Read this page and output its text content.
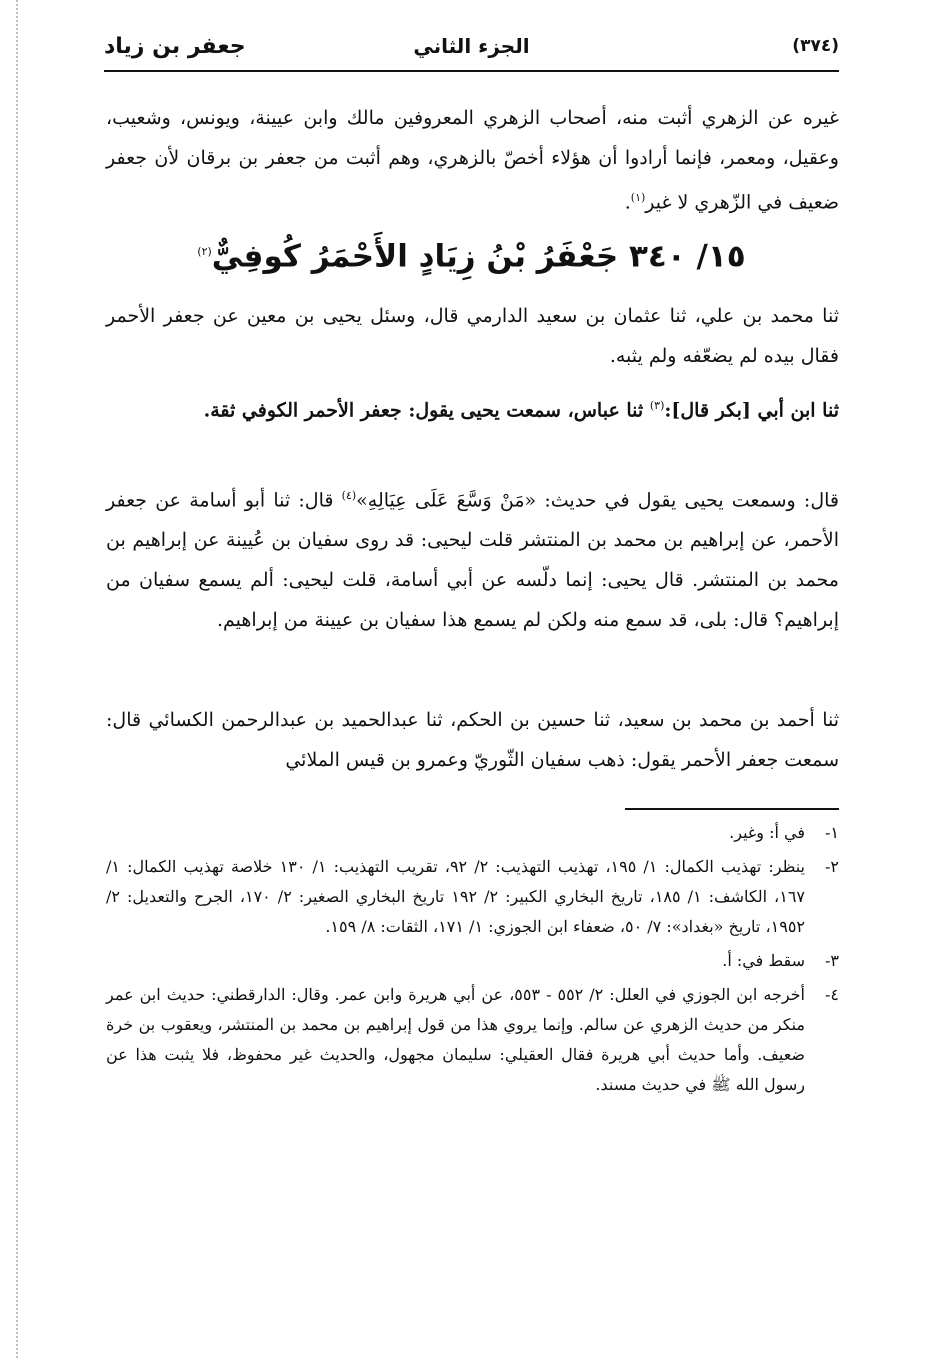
(٣٧٤)
الجزء الثاني
جعفر بن زياد
غيره عن الزهري أثبت منه، أصحاب الزهري المعروفين مالك وابن عيينة، ويونس، وشعيب، وعقيل، ومعمر، فإنما أرادوا أن هؤلاء أخصّ بالزهري، وهم أثبت من جعفر بن برقان لأن جعفر ضعيف في الزّهري لا غير$^{(١)}$.
١٥/ ٣٤٠ جَعْفَرُ بْنُ زِيَادٍ الأَحْمَرُ كُوفِيٌّ$^{(٢)}$
ثنا محمد بن علي، ثنا عثمان بن سعيد الدارمي قال، وسئل يحيى بن معين عن جعفر الأحمر فقال بيده لم يضعّفه ولم يثبه.
ثنا ابن أبي [بكر قال]:$^{(٣)}$ ثنا عباس، سمعت يحيى يقول: جعفر الأحمر الكوفي ثقة.
قال: وسمعت يحيى يقول في حديث: «مَنْ وَسَّعَ عَلَى عِيَالِهِ»$^{(٤)}$ قال: ثنا أبو أسامة عن جعفر الأحمر، عن إبراهيم بن محمد بن المنتشر قلت ليحيى: قد روى سفيان بن عُيينة عن إبراهيم بن محمد بن المنتشر. قال يحيى: إنما دلّسه عن أبي أسامة، قلت ليحيى: ألم يسمع سفيان من إبراهيم؟ قال: بلى، قد سمع منه ولكن لم يسمع هذا سفيان بن عيينة من إبراهيم.
ثنا أحمد بن محمد بن سعيد، ثنا حسين بن الحكم، ثنا عبدالحميد بن عبدالرحمن الكسائي قال: سمعت جعفر الأحمر يقول: ذهب سفيان الثّوريّ وعمرو بن قيس الملائي
١-
في أ: وغير.
٢-
ينظر: تهذيب الكمال: ١/ ١٩٥، تهذيب التهذيب: ٢/ ٩٢، تقريب التهذيب: ١/ ١٣٠ خلاصة تهذيب الكمال: ١/ ١٦٧، الكاشف: ١/ ١٨٥، تاريخ البخاري الكبير: ٢/ ١٩٢ تاريخ البخاري الصغير: ٢/ ١٧٠، الجرح والتعديل: ٢/ ١٩٥٢، تاريخ «بغداد»: ٧/ ٥٠، ضعفاء ابن الجوزي: ١/ ١٧١، الثقات: ٨/ ١٥٩.
٣-
سقط في: أ.
٤-
أخرجه ابن الجوزي في العلل: ٢/ ٥٥٢ - ٥٥٣، عن أبي هريرة وابن عمر. وقال: الدارقطني: حديث ابن عمر منكر من حديث الزهري عن سالم. وإنما يروي هذا من قول إبراهيم بن محمد بن المنتشر، ويعقوب بن خرة ضعيف. وأما حديث أبي هريرة فقال العقيلي: سليمان مجهول، والحديث غير محفوظ، فلا يثبت هذا عن رسول الله ﷺ في حديث مسند.
